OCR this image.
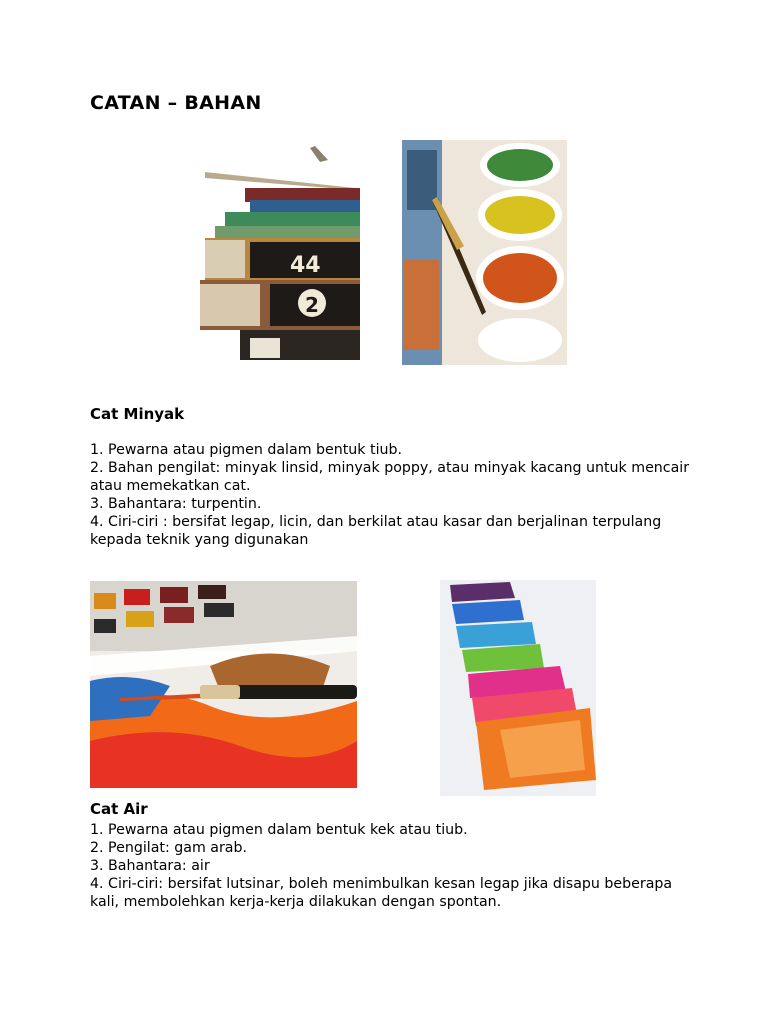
CATAN – BAHAN
44
2
Cat Minyak
1. Pewarna atau pigmen dalam bentuk tiub.
2. Bahan pengilat: minyak linsid, minyak poppy, atau minyak kacang untuk mencair atau memekatkan cat.
3. Bahantara: turpentin.
4. Ciri-ciri : bersifat legap, licin, dan berkilat atau kasar dan berjalinan terpulang kepada teknik yang digunakan
Cat Air
1. Pewarna atau pigmen dalam bentuk kek atau tiub.
2. Pengilat: gam arab.
3. Bahantara: air
4. Ciri-ciri: bersifat lutsinar, boleh menimbulkan kesan legap jika disapu beberapa kali, membolehkan kerja-kerja dilakukan dengan spontan.
